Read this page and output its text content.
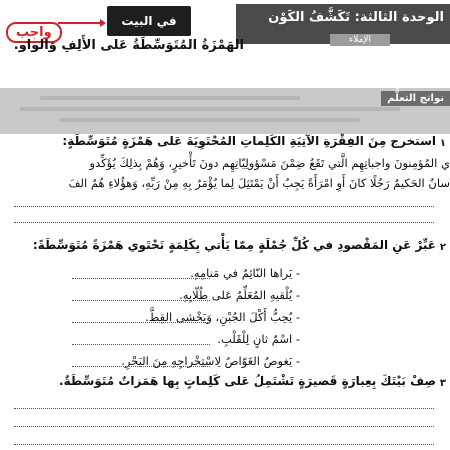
واجب
في البيت	الوحدة الثالثة: تَكَشَّفُ الكَوْن
الإملاء
الهَمْزَةُ المُتَوَسِّطَةُ عَلى الأَلِفِ وَالواو.
نواتج التعلُّم
١
استخرج مِنَ الفِقْرَةِ الآتِيَةِ الكَلِماتِ المُحْتَوِيَةَ عَلى هَمْزَةٍ مُتَوَسِّطَةٍ:
ي المُؤمِنونَ واجباتِهِم الَّتي تَقَعُ ضِمْنَ مَسْؤولِيّاتِهِم دونَ تَأْخيرٍ، وَهُمْ بِذلِكَ يُؤَكِّدو
سانُ الحَكيمُ رَجُلًا كانَ أَوِ امْرَأَةً يَجِبُ أَنْ يَمْتَثِلَ لِما يُؤْمَرُ بِهِ مِنْ رَبِّهِ، وَهؤُلاءِ هُمُ الفَ
٢
عَبِّرْ عَنِ المَقْصودِ في كُلِّ جُمْلَةٍ مِمّا يَأْتي بِكَلِمَةٍ تَحْتَوي هَمْزَةً مُتَوَسِّطَةً:
- يَراها النّائِمُ في مَنامِهِ.
- يُلْقيهِ المُعَلِّمُ عَلى طُلّابِهِ.
- يُحِبُّ أَكْلَ الجُبْنِ، وَيَخْشى القِطَّ.
- اسْمٌ ثانٍ لِلْقَلْبِ.
- يَغوصُ الغَوّاصُ لِاسْتِخْراجِهِ مِنَ البَحْرِ.
٣
صِفْ بَيْتَكَ بِعِبارَةٍ قَصيرَةٍ تَشْتَمِلُ عَلى كَلِماتٍ بِها هَمَزاتٌ مُتَوَسِّطَةٌ.
